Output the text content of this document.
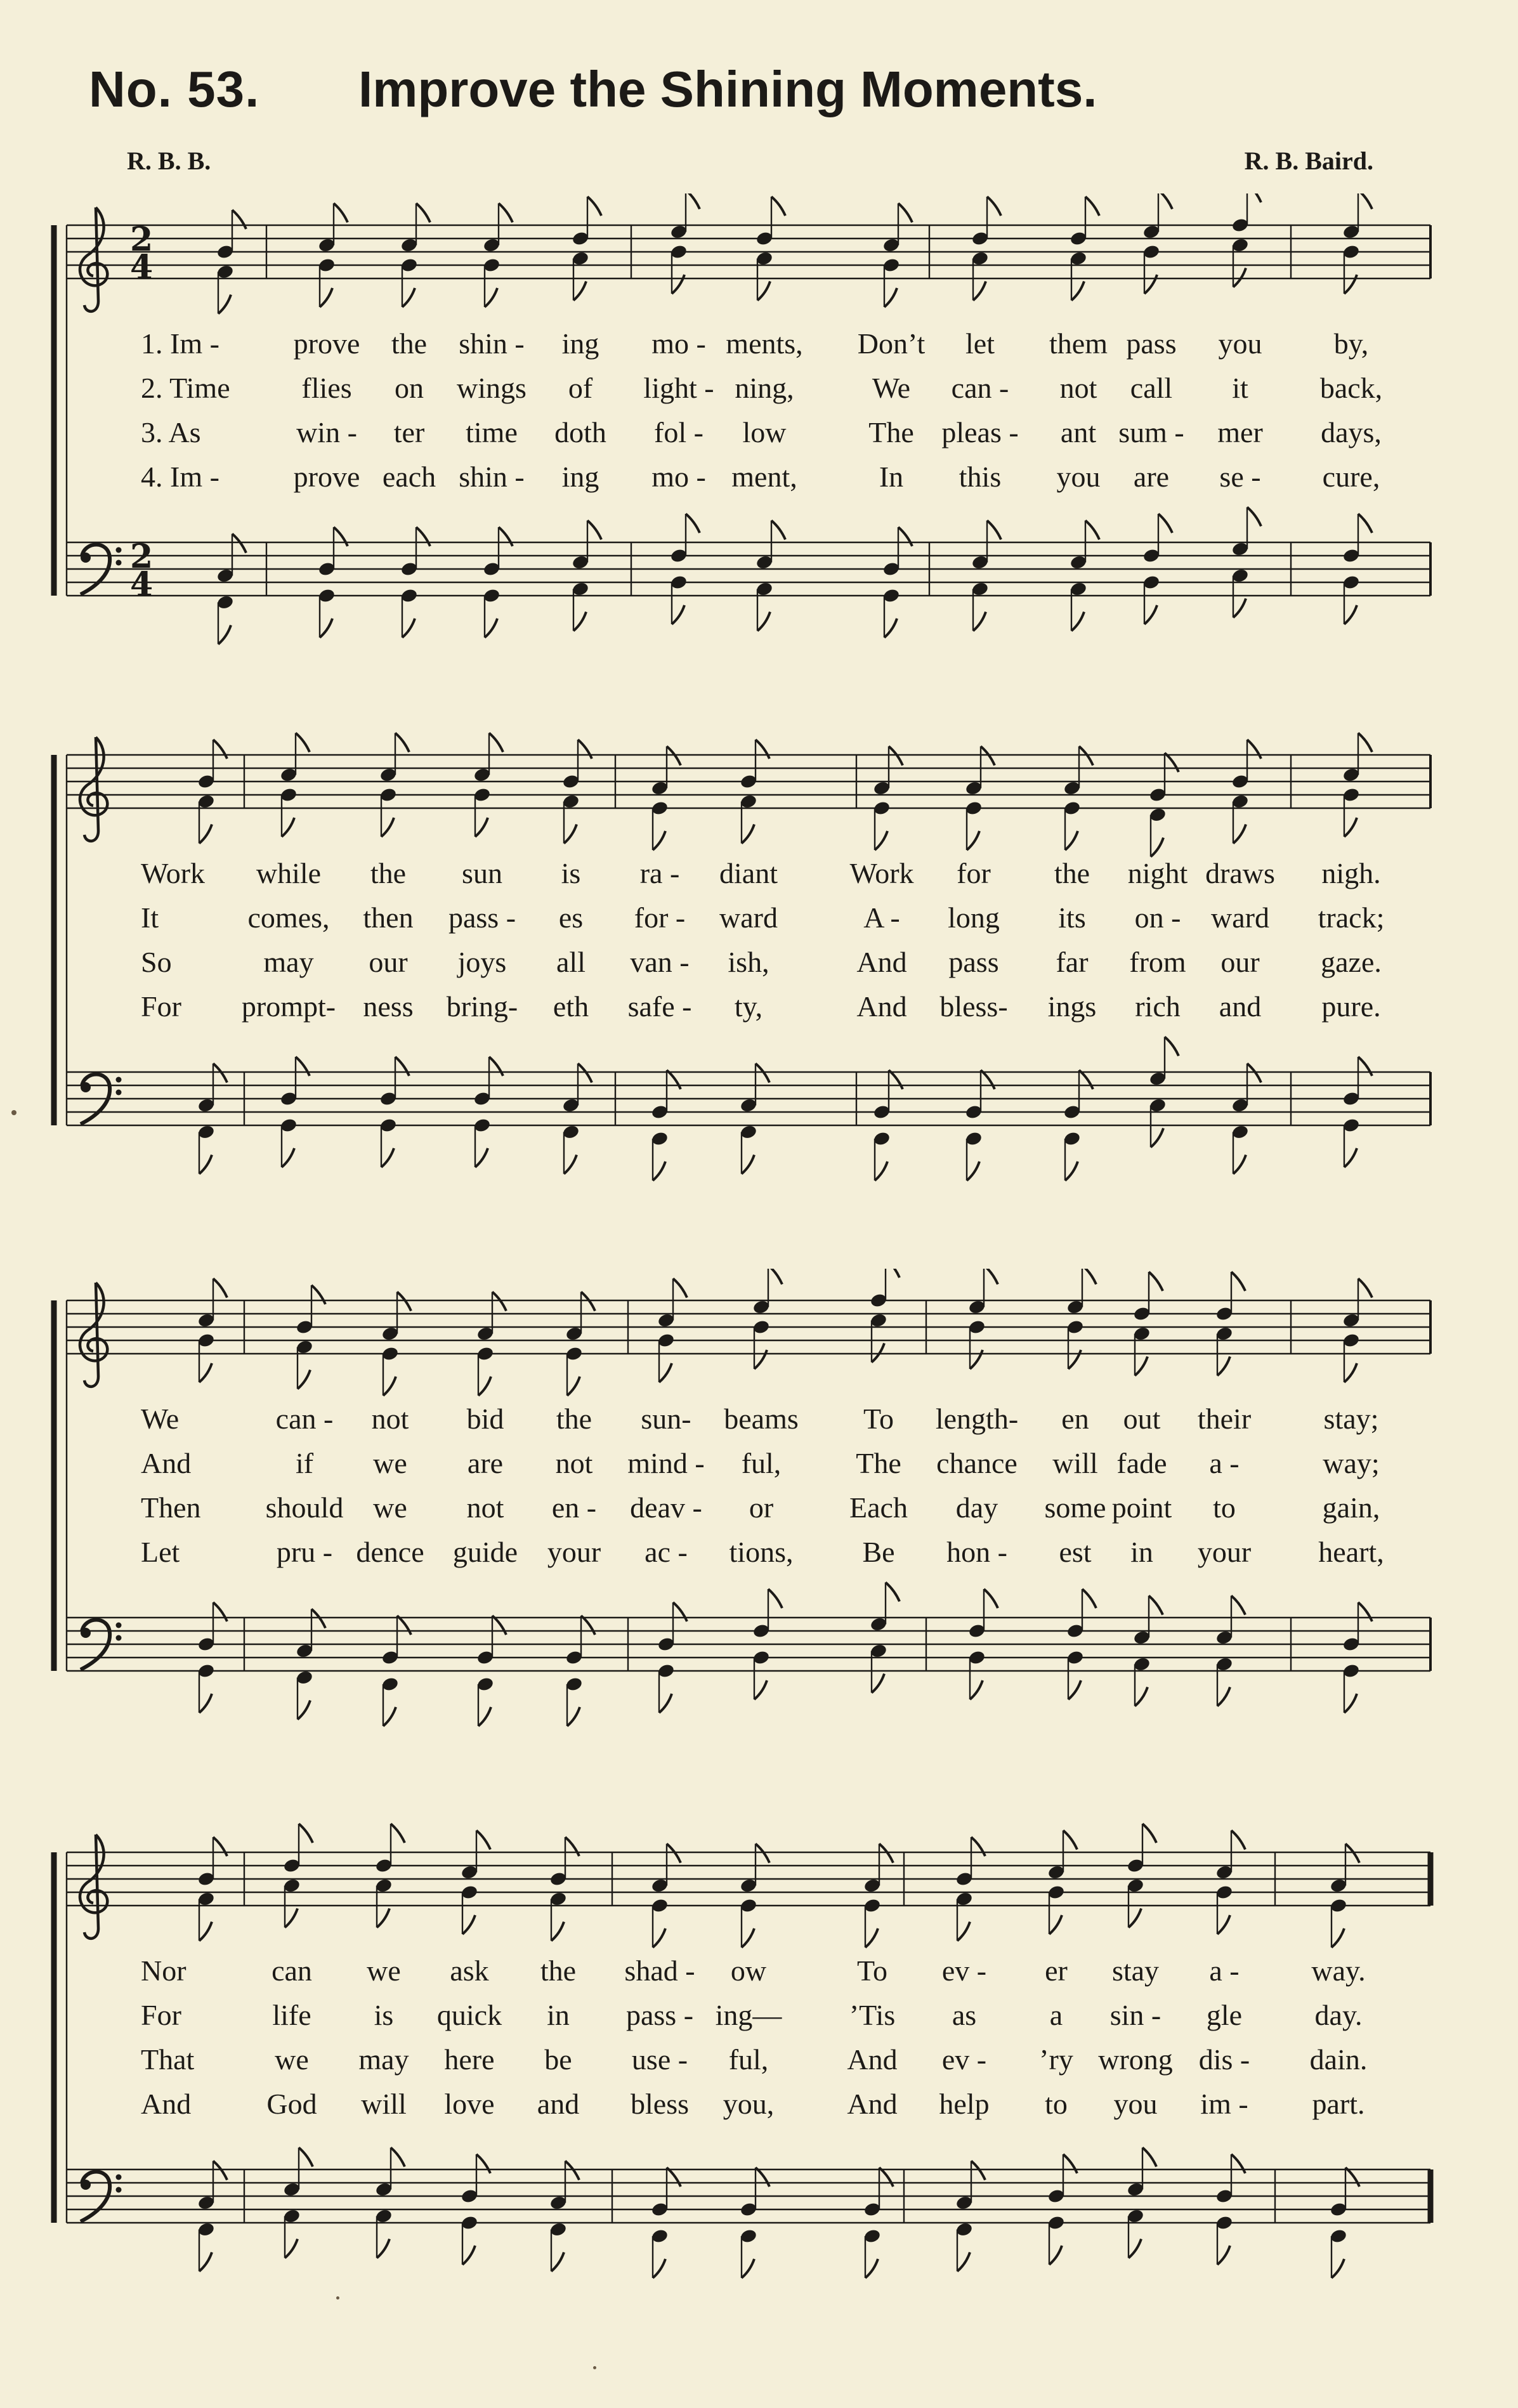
No. 53. Improve the Shining Moments.
R. B. B.	R. B. Baird.
2
4
2
4
1. Im -	prove the shin - ing mo - ments, Don’t let them pass you by,
2. Time flies on wings of light - ning,	We can - not call it back,
3. As	win - ter time doth fol - low	The pleas - ant sum - mer days,
4. Im -	prove each shin - ing mo - ment,	In this you are se - cure,
Work while the sun is ra - diant Work for the night draws nigh.
It	comes, then pass - es for - ward	A - long its on - ward track;
So	may our joys all van - ish,	And pass far from our gaze.
For prompt- ness bring- eth safe - ty,	And bless- ings rich and pure.
We	can - not bid the sun- beams To length- en out their stay;
And	if we are not mind - ful,	The chance will fade a -	way;
Then should we not en - deav - or	Each day some point to	gain,
Let	pru - dence guide your ac - tions, Be hon - est in your heart,
Nor	can we ask the shad - ow	To ev - er stay a - way.
For	life is quick in pass - ing— ’Tis as	a sin - gle day.
That	we may here be use - ful,	And ev - ’ry wrong dis - dain.
And	God will love and bless you,	And help to you im - part.
